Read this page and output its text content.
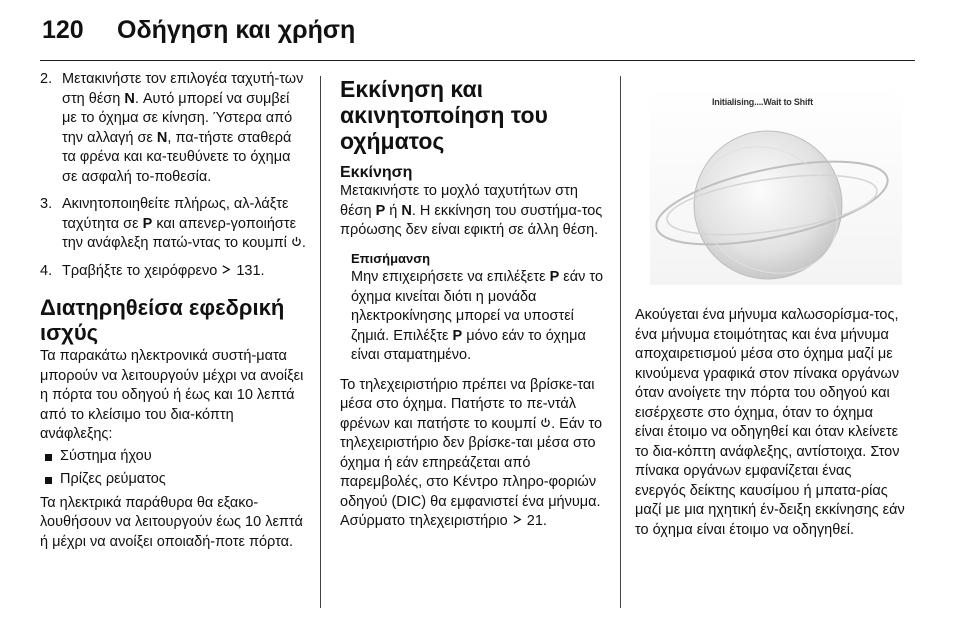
120 Οδήγηση και χρήση
2. Μετακινήστε τον επιλογέα ταχυτή-των στη θέση N. Αυτό μπορεί να συμβεί με το όχημα σε κίνηση. Ύστερα από την αλλαγή σε N, πα-τήστε σταθερά τα φρένα και κα-τευθύνετε το όχημα σε ασφαλή το-ποθεσία.
3. Ακινητοποιηθείτε πλήρως, αλ-λάξτε ταχύτητα σε P και απενερ-γοποιήστε την ανάφλεξη πατώ-ντας το κουμπί .
4. Τραβήξτε το χειρόφρενο  131.
Διατηρηθείσα εφεδρική ισχύς

Τα παρακάτω ηλεκτρονικά συστή-ματα μπορούν να λειτουργούν μέχρι να ανοίξει η πόρτα του οδηγού ή έως και 10 λεπτά από το κλείσιμο του δια-κόπτη ανάφλεξης:

Σύστημα ήχου
Πρίζες ρεύματος

Τα ηλεκτρικά παράθυρα θα εξακο-λουθήσουν να λειτουργούν έως 10 λεπτά ή μέχρι να ανοίξει οποιαδή-ποτε πόρτα.

Εκκίνηση και ακινητοποίηση του οχήματος
Εκκίνηση

Μετακινήστε το μοχλό ταχυτήτων στη θέση P ή N. Η εκκίνηση του συστήμα-τος πρόωσης δεν είναι εφικτή σε άλλη θέση.

Επισήμανση

Μην επιχειρήσετε να επιλέξετε P εάν το όχημα κινείται διότι η μονάδα ηλεκτροκίνησης μπορεί να υποστεί ζημιά. Επιλέξτε P μόνο εάν το όχημα είναι σταματημένο.

Το τηλεχειριστήριο πρέπει να βρίσκε-ται μέσα στο όχημα. Πατήστε το πε-ντάλ φρένων και πατήστε το κουμπί . Εάν το τηλεχειριστήριο δεν βρίσκε-ται μέσα στο όχημα ή εάν επηρεάζεται από παρεμβολές, στο Κέντρο πληρο-φοριών οδηγού (DIC) θα εμφανιστεί ένα μήνυμα.

Ασύρματο τηλεχειριστήριο  21.

Initialising....Wait to Shift

Ακούγεται ένα μήνυμα καλωσορίσμα-τος, ένα μήνυμα ετοιμότητας και ένα μήνυμα αποχαιρετισμού μέσα στο όχημα μαζί με κινούμενα γραφικά στον πίνακα οργάνων όταν ανοίγετε την πόρτα του οδηγού και εισέρχεστε στο όχημα, όταν το όχημα είναι έτοιμο να οδηγηθεί και όταν κλείνετε το δια-κόπτη ανάφλεξης, αντίστοιχα. Στον πίνακα οργάνων εμφανίζεται ένας ενεργός δείκτης καυσίμου ή μπατα-ρίας μαζί με μια ηχητική έν-δειξη εκκίνησης εάν το όχημα είναι έτοιμο να οδηγηθεί.
